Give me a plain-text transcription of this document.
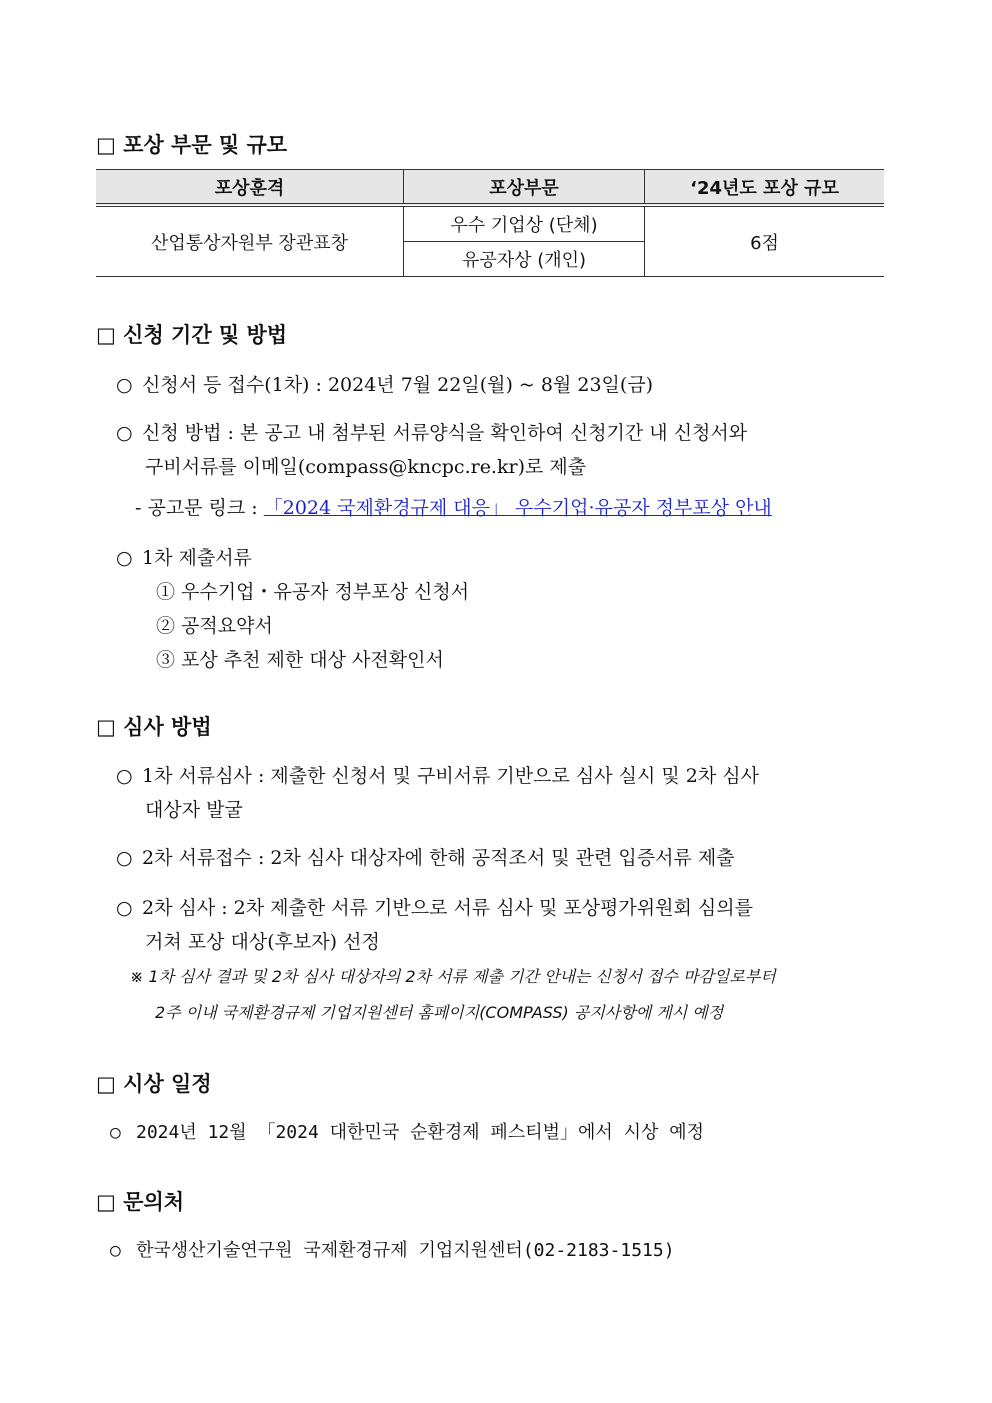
□ 포상 부문 및 규모
포상훈격	포상부문	‘24년도 포상 규모
산업통상자원부 장관표창	우수 기업상 (단체)	6점
	유공자상 (개인)	
□ 신청 기간 및 방법
○ 신청서 등 접수(1차) : 2024년 7월 22일(월) ~ 8월 23일(금)
○ 신청 방법 : 본 공고 내 첨부된 서류양식을 확인하여 신청기간 내 신청서와
구비서류를 이메일(compass@kncpc.re.kr)로 제출
- 공고문 링크 : 「2024 국제환경규제 대응」 우수기업·유공자 정부포상 안내
○ 1차 제출서류
① 우수기업・유공자 정부포상 신청서
② 공적요약서
③ 포상 추천 제한 대상 사전확인서
□ 심사 방법
○ 1차 서류심사 : 제출한 신청서 및 구비서류 기반으로 심사 실시 및 2차 심사
대상자 발굴
○ 2차 서류접수 : 2차 심사 대상자에 한해 공적조서 및 관련 입증서류 제출
○ 2차 심사 : 2차 제출한 서류 기반으로 서류 심사 및 포상평가위원회 심의를
거쳐 포상 대상(후보자) 선정
※ 1차 심사 결과 및 2차 심사 대상자의 2차 서류 제출 기간 안내는 신청서 접수 마감일로부터
2주 이내 국제환경규제 기업지원센터 홈페이지(COMPASS) 공지사항에 게시 예정
□ 시상 일정
○ 2024년 12월 「2024 대한민국 순환경제 페스티벌」에서 시상 예정
□ 문의처
○ 한국생산기술연구원 국제환경규제 기업지원센터(02-2183-1515)
